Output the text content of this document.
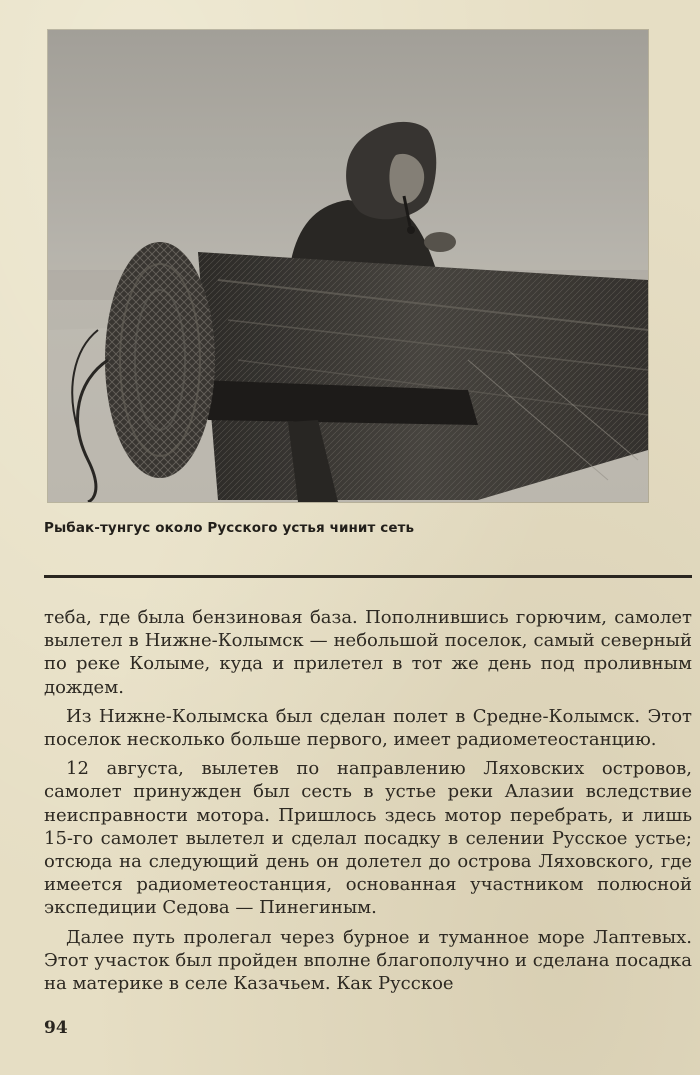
Рыбак-тунгус около Русского устья чинит сеть

теба, где была бензиновая база. Пополнившись горючим, самолет вылетел в Нижне-Колымск — небольшой поселок, самый северный по реке Колыме, куда и прилетел в тот же день под проливным дождем.

Из Нижне-Колымска был сделан полет в Средне-Колымск. Этот поселок несколько больше первого, имеет радиометеостанцию.

12 августа, вылетев по направлению Ляховских островов, самолет принужден был сесть в устье реки Алазии вследствие неисправности мотора. Пришлось здесь мотор перебрать, и лишь 15-го самолет вылетел и сделал посадку в селении Русское устье; отсюда на следующий день он долетел до острова Ляховского, где имеется радиометеостанция, основанная участником полюсной экспедиции Седова — Пинегиным.

Далее путь пролегал через бурное и туманное море Лаптевых. Этот участок был пройден вполне благополучно и сделана посадка на материке в селе Казачьем. Как Русское

94
